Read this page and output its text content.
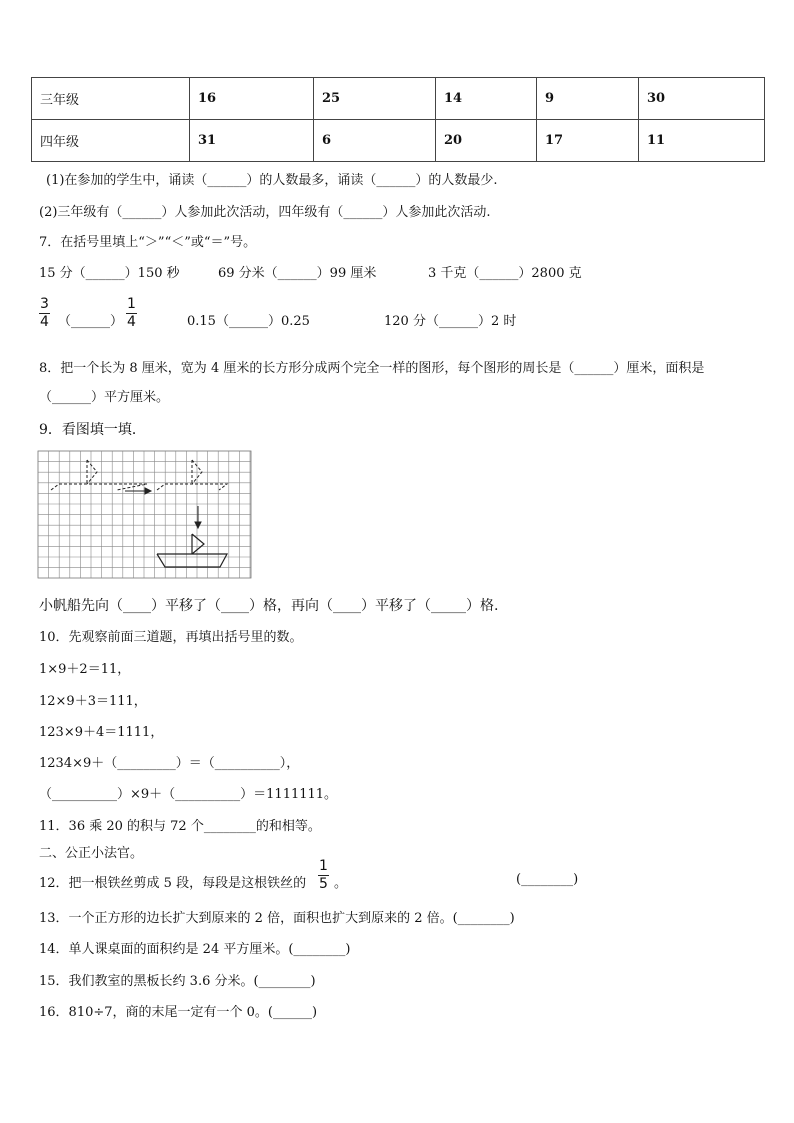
三年级	16	25	14	9	30
四年级	31	6	20	17	11
(1)在参加的学生中，诵读（______）的人数最多，诵读（______）的人数最少.
(2)三年级有（______）人参加此次活动，四年级有（______）人参加此次活动.
7．在括号里填上“＞”“＜”或“＝”号。
15 分（______）150 秒	69 分米（______）99 厘米	3 千克（______）2800 克
$\frac{3}{4}$ （______） $\frac{1}{4}$	0.15（______）0.25	120 分（______）2 时
8．把一个长为 8 厘米，宽为 4 厘米的长方形分成两个完全一样的图形，每个图形的周长是（______）厘米，面积是
（______）平方厘米。
9．看图填一填．
小帆船先向（____）平移了（____）格，再向（____）平移了（_____）格.
10．先观察前面三道题，再填出括号里的数。
1×9＋2＝11，
12×9＋3＝111，
123×9＋4＝1111，
1234×9＋（_________）＝（__________），
（__________）×9＋（__________）＝1111111。
11．36 乘 20 的积与 72 个________的和相等。
二、公正小法官。
12．把一根铁丝剪成 5 段，每段是这根铁丝的 $\frac{1}{5}$ 。	(________)
13．一个正方形的边长扩大到原来的 2 倍，面积也扩大到原来的 2 倍。(________)
14．单人课桌面的面积约是 24 平方厘米。(________)
15．我们教室的黑板长约 3.6 分米。(________)
16．810÷7，商的末尾一定有一个 0。(______)
